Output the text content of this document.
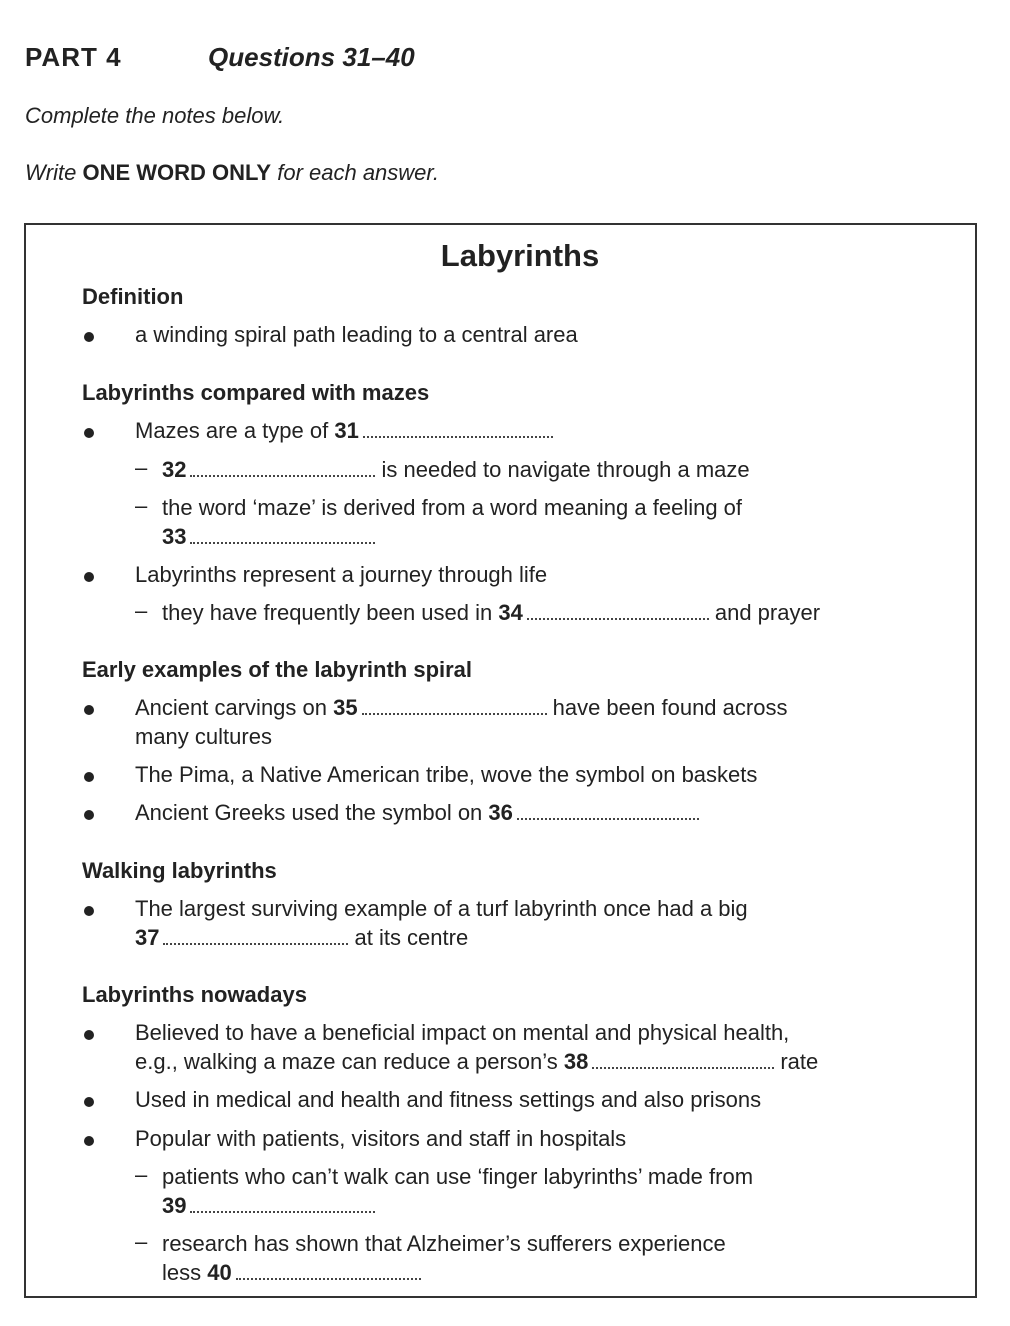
PART 4	Questions 31–40
Complete the notes below.
Write ONE WORD ONLY for each answer.
Labyrinths
Definition
a winding spiral path leading to a central area
Labyrinths compared with mazes
Mazes are a type of 31
– 32	is needed to navigate through a maze
– the word ‘maze’ is derived from a word meaning a feeling of
33
Labyrinths represent a journey through life
– they have frequently been used in 34	and prayer
Early examples of the labyrinth spiral
Ancient carvings on 35	have been found across
many cultures
The Pima, a Native American tribe, wove the symbol on baskets
Ancient Greeks used the symbol on 36
Walking labyrinths
The largest surviving example of a turf labyrinth once had a big
37	at its centre
Labyrinths nowadays
Believed to have a beneficial impact on mental and physical health,
e.g., walking a maze can reduce a person’s 38	rate
Used in medical and health and fitness settings and also prisons
Popular with patients, visitors and staff in hospitals
– patients who can’t walk can use ‘finger labyrinths’ made from
39
– research has shown that Alzheimer’s sufferers experience
less 40
